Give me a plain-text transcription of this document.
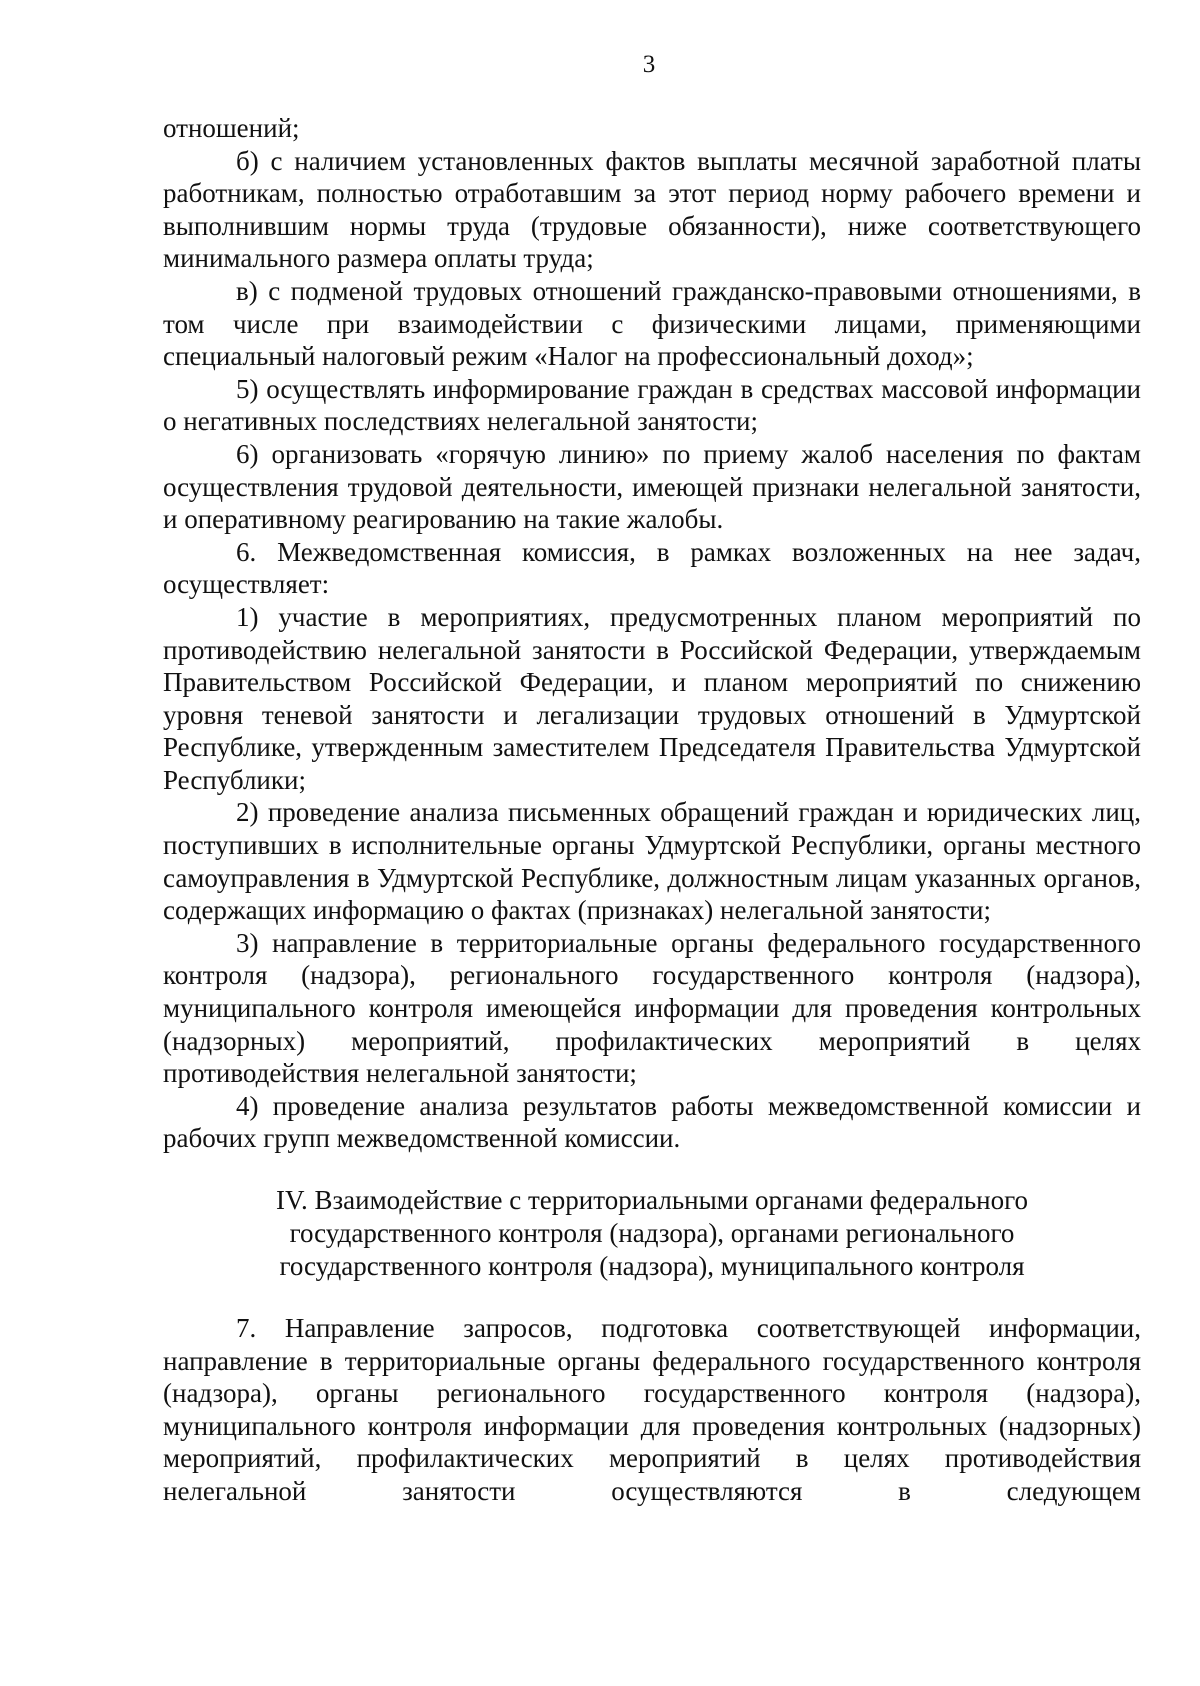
3

отношений;

б) с наличием установленных фактов выплаты месячной заработной платы работникам, полностью отработавшим за этот период норму рабочего времени и выполнившим нормы труда (трудовые обязанности), ниже соответствующего минимального размера оплаты труда;

в) с подменой трудовых отношений гражданско-правовыми отношениями, в том числе при взаимодействии с физическими лицами, применяющими специальный налоговый режим «Налог на профессиональный доход»;

5) осуществлять информирование граждан в средствах массовой информации о негативных последствиях нелегальной занятости;

6) организовать «горячую линию» по приему жалоб населения по фактам осуществления трудовой деятельности, имеющей признаки нелегальной занятости, и оперативному реагированию на такие жалобы.

6. Межведомственная комиссия, в рамках возложенных на нее задач, осуществляет:

1) участие в мероприятиях, предусмотренных планом мероприятий по противодействию нелегальной занятости в Российской Федерации, утверждаемым Правительством Российской Федерации, и планом мероприятий по снижению уровня теневой занятости и легализации трудовых отношений в Удмуртской Республике, утвержденным заместителем Председателя Правительства Удмуртской Республики;

2) проведение анализа письменных обращений граждан и юридических лиц, поступивших в исполнительные органы Удмуртской Республики, органы местного самоуправления в Удмуртской Республике, должностным лицам указанных органов, содержащих информацию о фактах (признаках) нелегальной занятости;

3) направление в территориальные органы федерального государственного контроля (надзора), регионального государственного контроля (надзора), муниципального контроля имеющейся информации для проведения контрольных (надзорных) мероприятий, профилактических мероприятий в целях противодействия нелегальной занятости;

4) проведение анализа результатов работы межведомственной комиссии и рабочих групп межведомственной комиссии.

IV. Взаимодействие с территориальными органами федерального государственного контроля (надзора), органами регионального государственного контроля (надзора), муниципального контроля

7. Направление запросов, подготовка соответствующей информации, направление в территориальные органы федерального государственного контроля (надзора), органы регионального государственного контроля (надзора), муниципального контроля информации для проведения контрольных (надзорных) мероприятий, профилактических мероприятий в целях противодействия нелегальной занятости осуществляются в следующем
